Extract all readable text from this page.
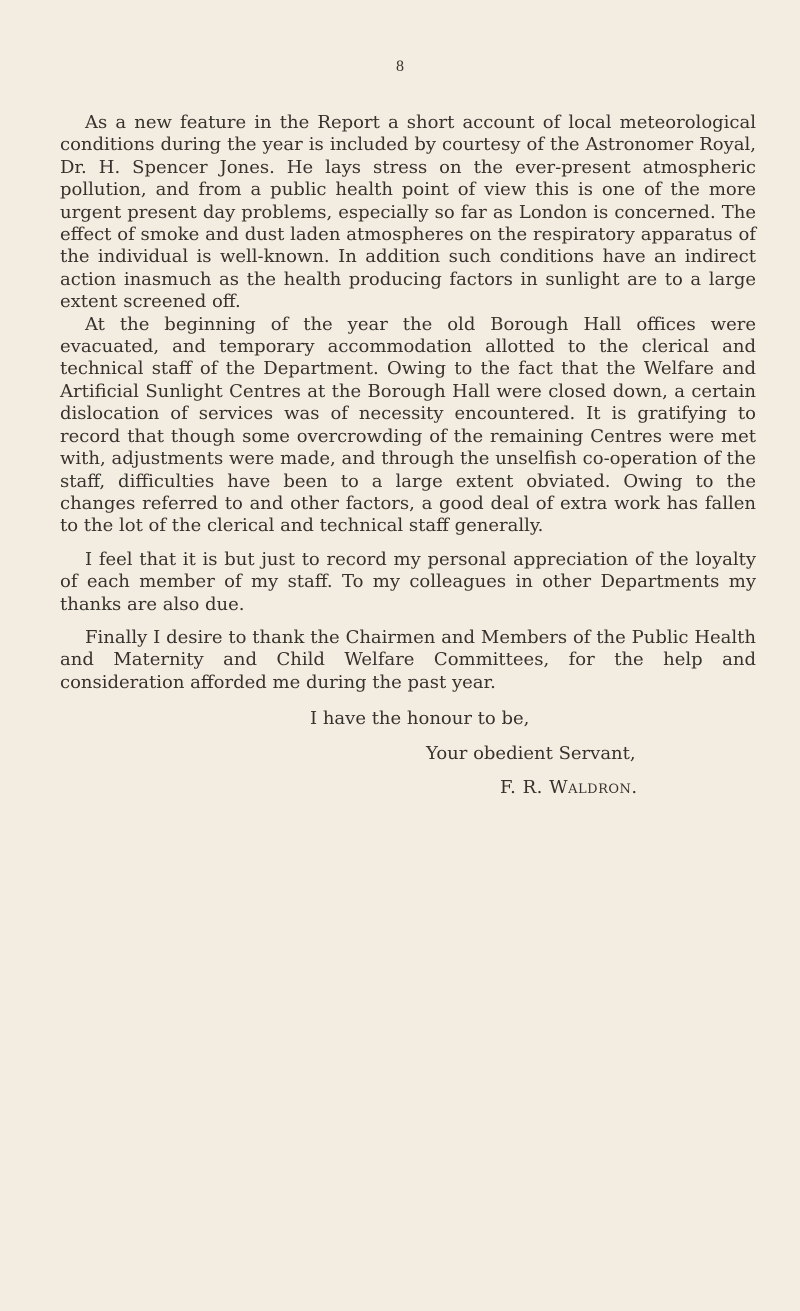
8

As a new feature in the Report a short account of local meteorological conditions during the year is included by courtesy of the Astronomer Royal, Dr. H. Spencer Jones. He lays stress on the ever-present atmospheric pollution, and from a public health point of view this is one of the more urgent present day problems, especially so far as London is concerned. The effect of smoke and dust laden atmospheres on the respiratory apparatus of the individual is well-known. In addition such conditions have an indirect action inasmuch as the health producing factors in sunlight are to a large extent screened off.

At the beginning of the year the old Borough Hall offices were evacuated, and temporary accommodation allotted to the clerical and technical staff of the Department. Owing to the fact that the Welfare and Artificial Sunlight Centres at the Borough Hall were closed down, a certain dislocation of services was of necessity encountered. It is gratifying to record that though some overcrowding of the remaining Centres were met with, adjustments were made, and through the unselfish co-operation of the staff, difficulties have been to a large extent obviated. Owing to the changes referred to and other factors, a good deal of extra work has fallen to the lot of the clerical and technical staff generally.

I feel that it is but just to record my personal appreciation of the loyalty of each member of my staff. To my colleagues in other Departments my thanks are also due.

Finally I desire to thank the Chairmen and Members of the Public Health and Maternity and Child Welfare Committees, for the help and consideration afforded me during the past year.

I have the honour to be,

Your obedient Servant,

F. R. Waldron.
